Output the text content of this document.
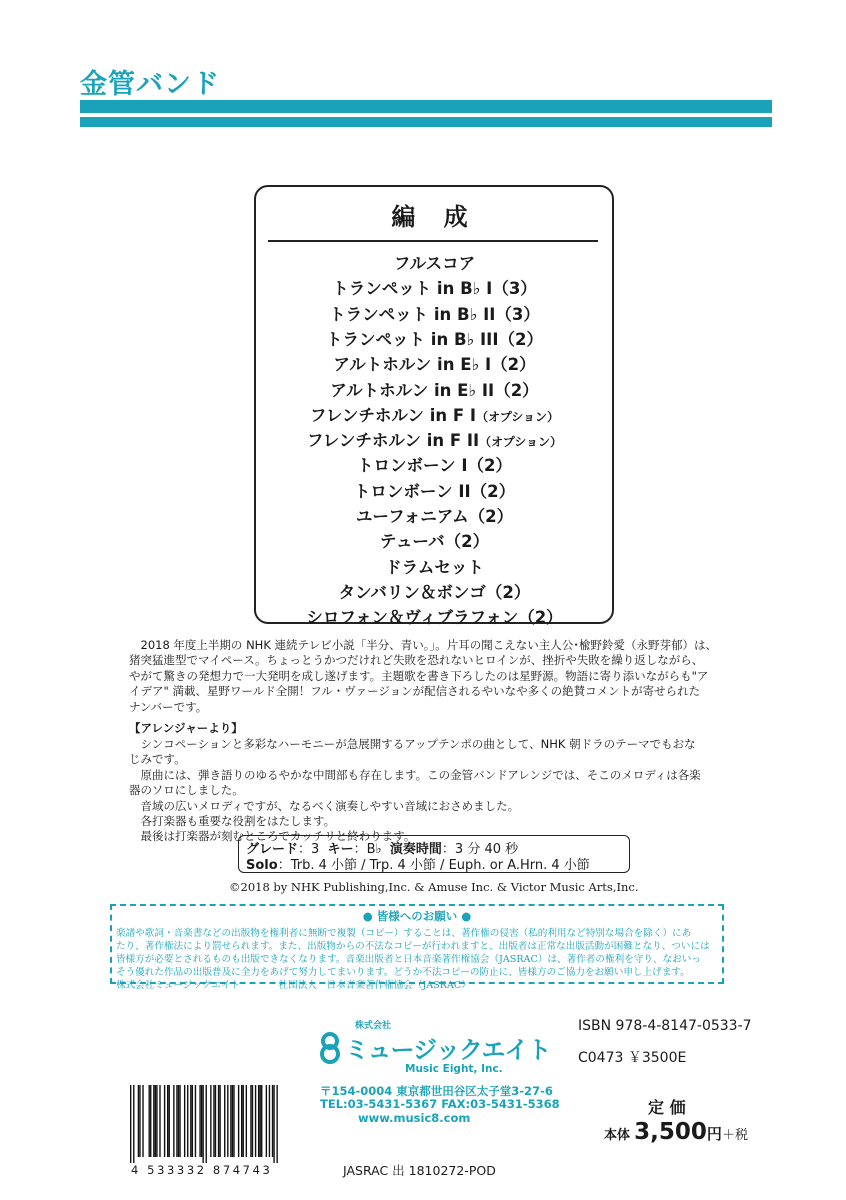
金管バンド
編 成
フルスコア
トランペット in B♭ I（3）
トランペット in B♭ II（3）
トランペット in B♭ III（2）
アルトホルン in E♭ I（2）
アルトホルン in E♭ II（2）
フレンチホルン in F I（オプション）
フレンチホルン in F II（オプション）
トロンボーン I（2）
トロンボーン II（2）
ユーフォニアム（2）
テューバ（2）
ドラムセット
タンバリン＆ボンゴ（2）
シロフォン＆ヴィブラフォン（2）
　2018 年度上半期の NHK 連続テレビ小説「半分、青い。」。片耳の聞こえない主人公･楡野鈴愛（永野芽郁）は、
猪突猛進型でマイペース。ちょっとうかつだけれど失敗を恐れないヒロインが、挫折や失敗を繰り返しながら、
やがて驚きの発想力で一大発明を成し遂げます。主題歌を書き下ろしたのは星野源。物語に寄り添いながらも"ア
イデア" 満載、星野ワールド全開！フル・ヴァージョンが配信されるやいなや多くの絶賛コメントが寄せられた
ナンバーです。
【アレンジャーより】
　シンコペーションと多彩なハーモニーが急展開するアップテンポの曲として、NHK 朝ドラのテーマでもおな
じみです。
　原曲には、弾き語りのゆるやかな中間部も存在します。この金管バンドアレンジでは、そこのメロディは各楽
器のソロにしました。
　音域の広いメロディですが、なるべく演奏しやすい音域におさめました。
　各打楽器も重要な役割をはたします。
　最後は打楽器が刻むところでカッチリと終わります。
グレード：3 キー：B♭ 演奏時間：3 分 40 秒
Solo：Trb. 4 小節 / Trp. 4 小節 / Euph. or A.Hrn. 4 小節
©2018 by NHK Publishing,Inc. & Amuse Inc. & Victor Music Arts,Inc.
● 皆様へのお願い ●
楽譜や歌詞・音楽書などの出版物を権利者に無断で複製（コピー）することは、著作権の侵害（私的利用など特別な場合を除く）にあ
たり、著作権法により罰せられます。また、出版物からの不法なコピーが行われますと、出版者は正常な出版活動が困難となり、ついには
皆様方が必要とされるものも出版できなくなります。音楽出版者と日本音楽著作権協会（JASRAC）は、著作者の権利を守り、なおいっ
そう優れた作品の出版普及に全力をあげて努力してまいります。どうか不法コピーの防止に、皆様方のご協力をお願い申し上げます。
株式会社ミュージックエイト　　　　社団法人　日本音楽著作権協会（JASRAC）
株式会社
ミュージックエイト
Music Eight, Inc.
〒154-0004 東京都世田谷区太子堂3-27-6
TEL:03-5431-5367 FAX:03-5431-5368
www.music8.com
ISBN 978-4-8147-0533-7
C0473 ￥3500E
定 価
本体 3,500円＋税
4 533332 874743	JASRAC 出 1810272-POD
